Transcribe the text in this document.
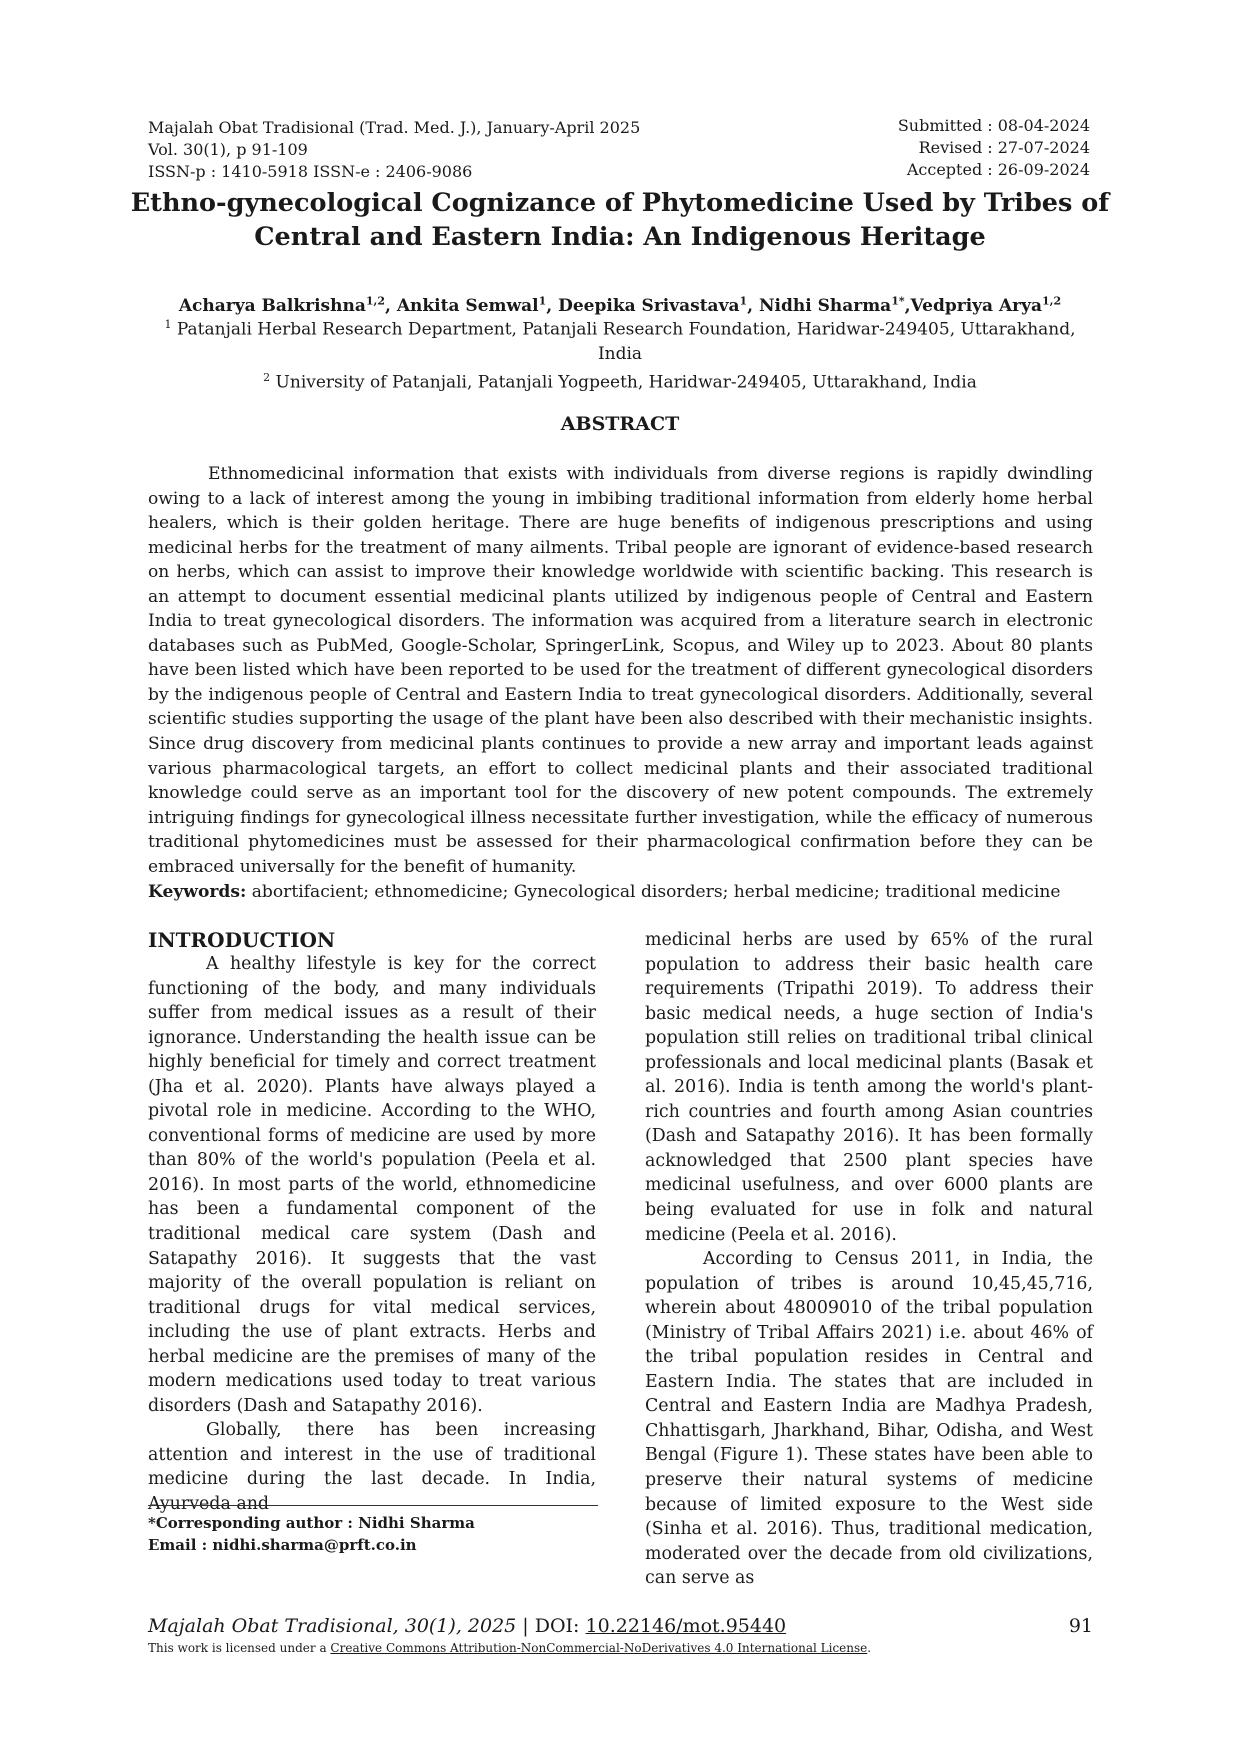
Majalah Obat Tradisional (Trad. Med. J.), January-April 2025
Vol. 30(1), p 91-109
ISSN-p : 1410-5918 ISSN-e : 2406-9086
Submitted : 08-04-2024
Revised : 27-07-2024
Accepted : 26-09-2024
Ethno-gynecological Cognizance of Phytomedicine Used by Tribes of
Central and Eastern India: An Indigenous Heritage
Acharya Balkrishna$^{1,2}$, Ankita Semwal$^1$, Deepika Srivastava$^1$, Nidhi Sharma$^{1*}$,Vedpriya Arya$^{1,2}$
$^1$ Patanjali Herbal Research Department, Patanjali Research Foundation, Haridwar-249405, Uttarakhand, India
$^2$ University of Patanjali, Patanjali Yogpeeth, Haridwar-249405, Uttarakhand, India
ABSTRACT

Ethnomedicinal information that exists with individuals from diverse regions is rapidly dwindling owing to a lack of interest among the young in imbibing traditional information from elderly home herbal healers, which is their golden heritage. There are huge benefits of indigenous prescriptions and using medicinal herbs for the treatment of many ailments. Tribal people are ignorant of evidence-based research on herbs, which can assist to improve their knowledge worldwide with scientific backing. This research is an attempt to document essential medicinal plants utilized by indigenous people of Central and Eastern India to treat gynecological disorders. The information was acquired from a literature search in electronic databases such as PubMed, Google-Scholar, SpringerLink, Scopus, and Wiley up to 2023. About 80 plants have been listed which have been reported to be used for the treatment of different gynecological disorders by the indigenous people of Central and Eastern India to treat gynecological disorders. Additionally, several scientific studies supporting the usage of the plant have been also described with their mechanistic insights. Since drug discovery from medicinal plants continues to provide a new array and important leads against various pharmacological targets, an effort to collect medicinal plants and their associated traditional knowledge could serve as an important tool for the discovery of new potent compounds. The extremely intriguing findings for gynecological illness necessitate further investigation, while the efficacy of numerous traditional phytomedicines must be assessed for their pharmacological confirmation before they can be embraced universally for the benefit of humanity.

Keywords: abortifacient; ethnomedicine; Gynecological disorders; herbal medicine; traditional medicine
INTRODUCTION

A healthy lifestyle is key for the correct functioning of the body, and many individuals suffer from medical issues as a result of their ignorance. Understanding the health issue can be highly beneficial for timely and correct treatment (Jha et al. 2020). Plants have always played a pivotal role in medicine. According to the WHO, conventional forms of medicine are used by more than 80% of the world's population (Peela et al. 2016). In most parts of the world, ethnomedicine has been a fundamental component of the traditional medical care system (Dash and Satapathy 2016). It suggests that the vast majority of the overall population is reliant on traditional drugs for vital medical services, including the use of plant extracts. Herbs and herbal medicine are the premises of many of the modern medications used today to treat various disorders (Dash and Satapathy 2016).

Globally, there has been increasing attention and interest in the use of traditional medicine during the last decade. In India, Ayurveda and

medicinal herbs are used by 65% of the rural population to address their basic health care requirements (Tripathi 2019). To address their basic medical needs, a huge section of India's population still relies on traditional tribal clinical professionals and local medicinal plants (Basak et al. 2016). India is tenth among the world's plant-rich countries and fourth among Asian countries (Dash and Satapathy 2016). It has been formally acknowledged that 2500 plant species have medicinal usefulness, and over 6000 plants are being evaluated for use in folk and natural medicine (Peela et al. 2016).

According to Census 2011, in India, the population of tribes is around 10,45,45,716, wherein about 48009010 of the tribal population (Ministry of Tribal Affairs 2021) i.e. about 46% of the tribal population resides in Central and Eastern India. The states that are included in Central and Eastern India are Madhya Pradesh, Chhattisgarh, Jharkhand, Bihar, Odisha, and West Bengal (Figure 1). These states have been able to preserve their natural systems of medicine because of limited exposure to the West side (Sinha et al. 2016). Thus, traditional medication, moderated over the decade from old civilizations, can serve as

*Corresponding author : Nidhi Sharma
Email : nidhi.sharma@prft.co.in
Majalah Obat Tradisional, 30(1), 2025 | DOI: 10.22146/mot.95440	91
This work is licensed under a Creative Commons Attribution-NonCommercial-NoDerivatives 4.0 International License.
